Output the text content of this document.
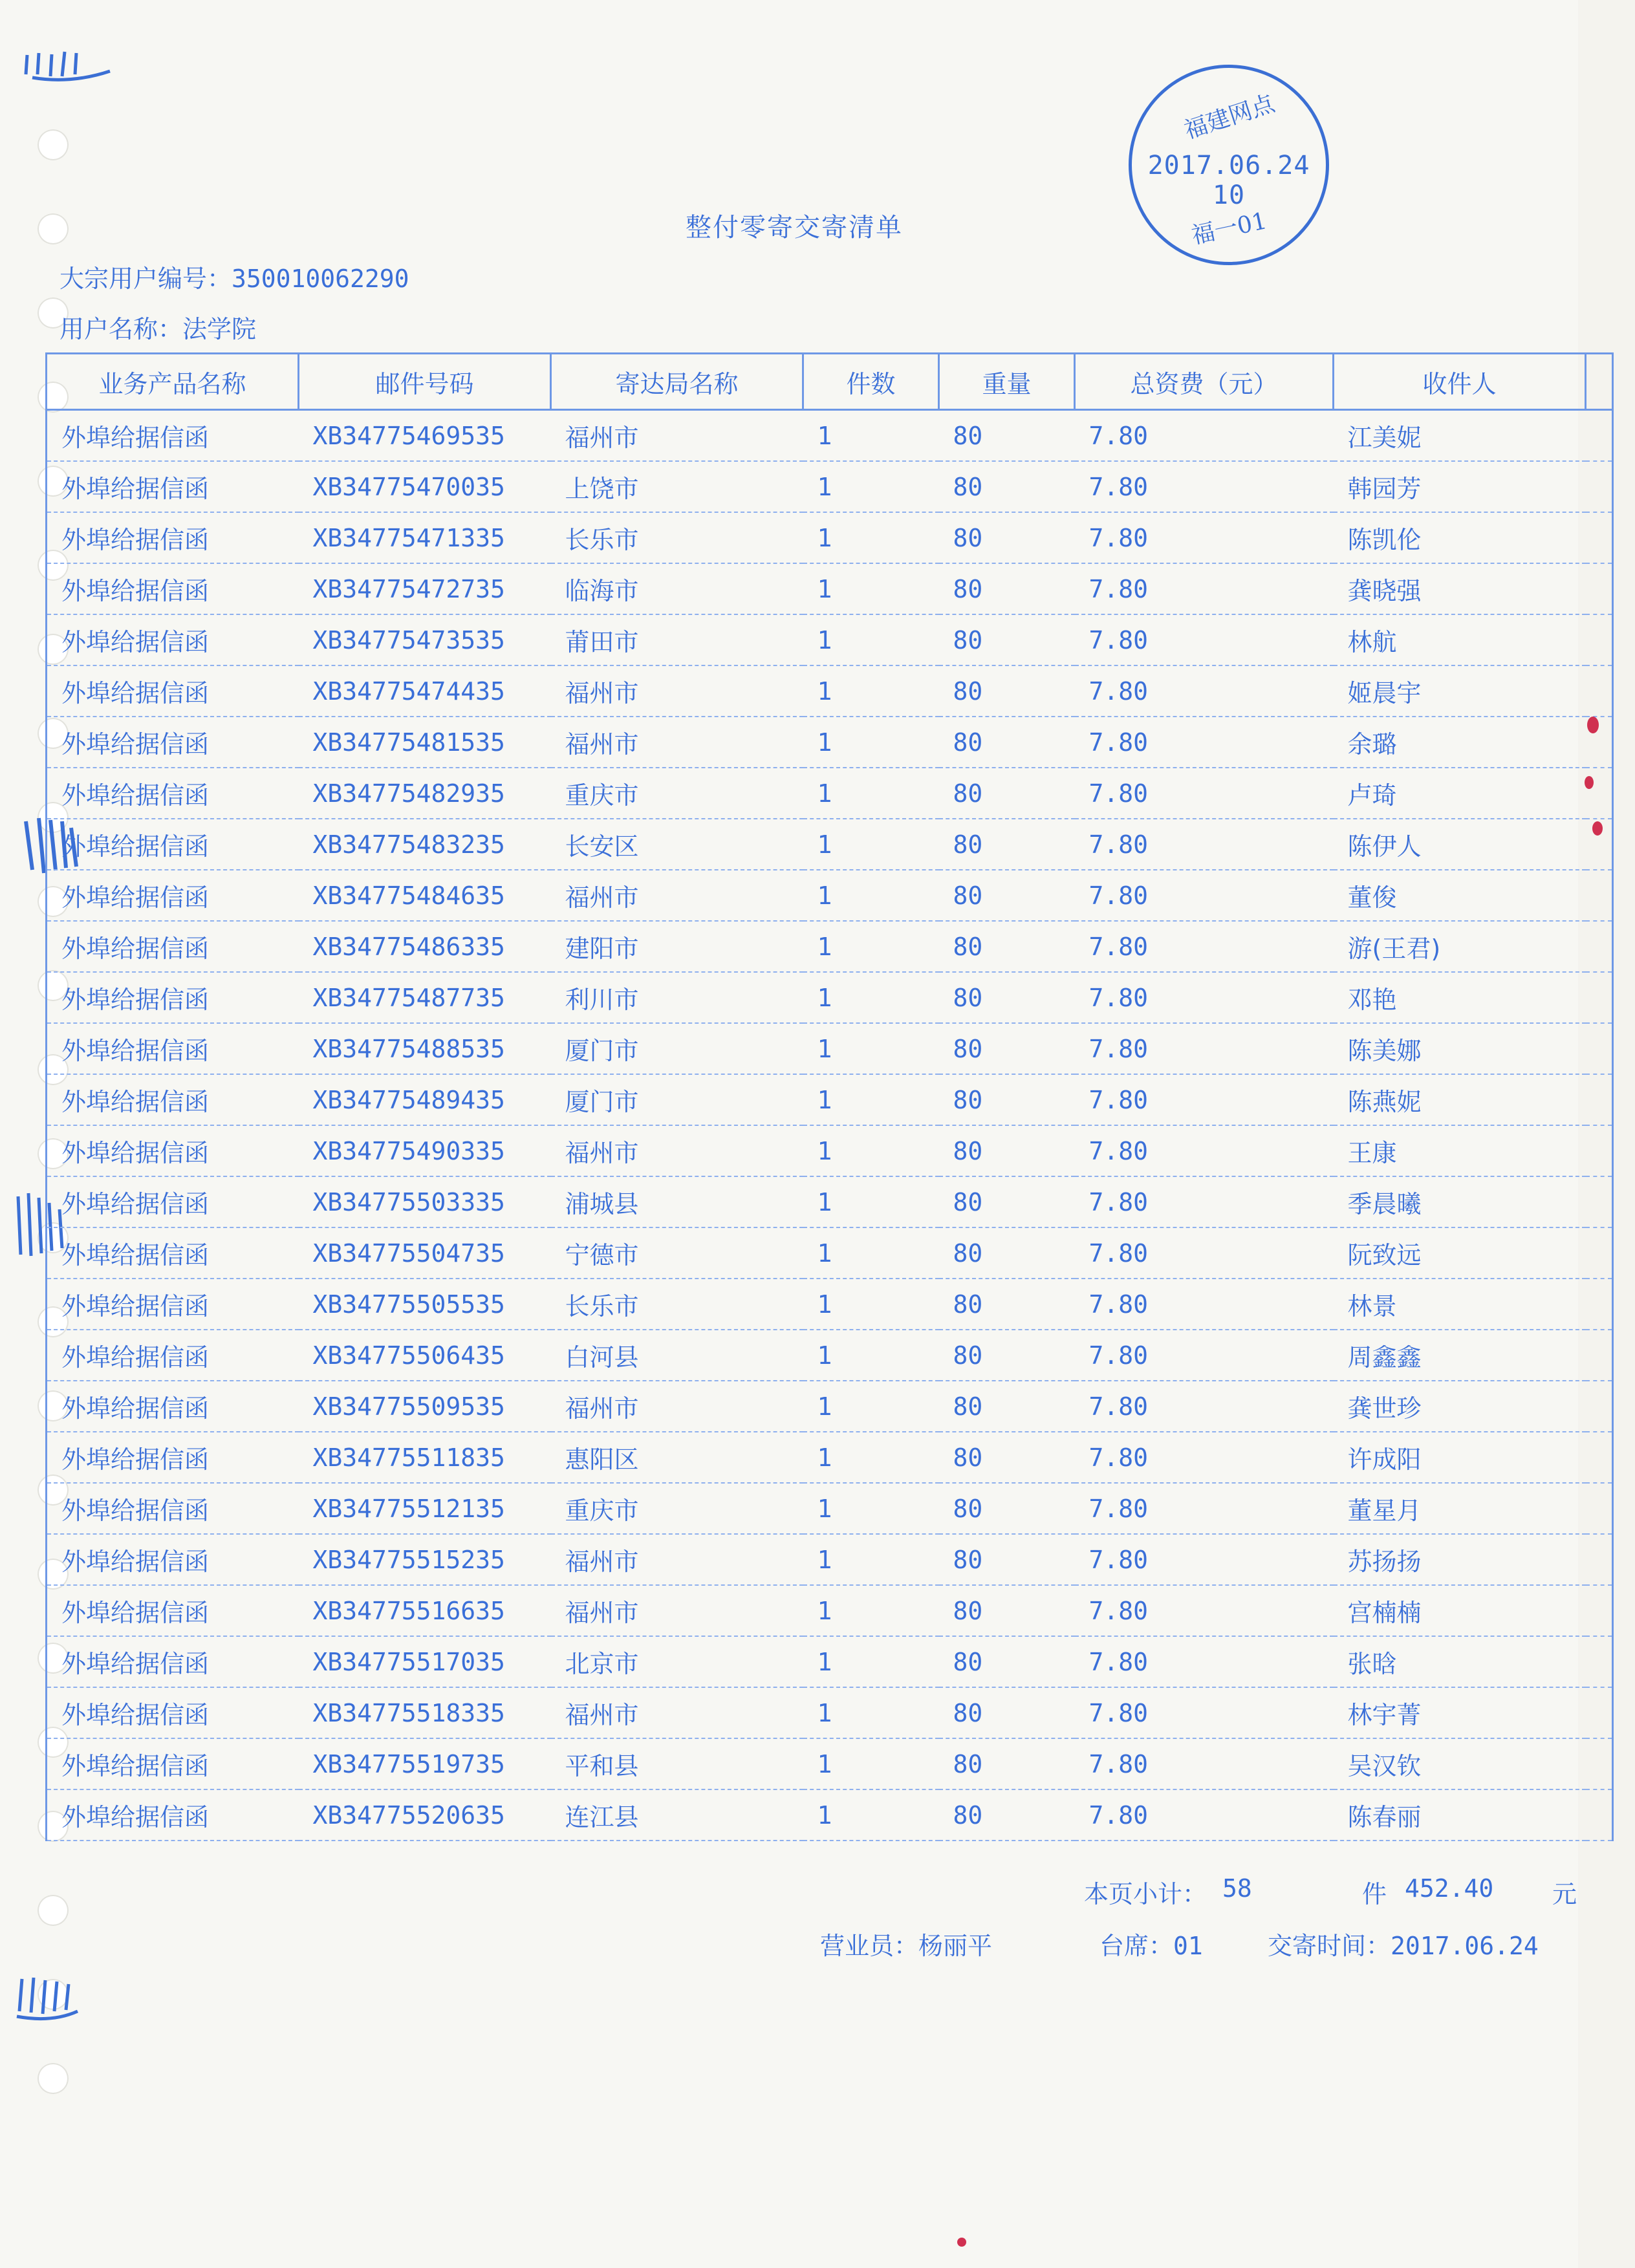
福建网点
2017.06.24 10
福一01
整付零寄交寄清单
大宗用户编号：350010062290
用户名称：法学院
业务产品名称	邮件号码	寄达局名称	件数	重量	总资费（元）	收件人	
外埠给据信函	XB34775469535	福州市	1	80	7.80	江美妮	
外埠给据信函	XB34775470035	上饶市	1	80	7.80	韩园芳	
外埠给据信函	XB34775471335	长乐市	1	80	7.80	陈凯伦	
外埠给据信函	XB34775472735	临海市	1	80	7.80	龚晓强	
外埠给据信函	XB34775473535	莆田市	1	80	7.80	林航	
外埠给据信函	XB34775474435	福州市	1	80	7.80	姬晨宇	
外埠给据信函	XB34775481535	福州市	1	80	7.80	余璐	
外埠给据信函	XB34775482935	重庆市	1	80	7.80	卢琦	
外埠给据信函	XB34775483235	长安区	1	80	7.80	陈伊人	
外埠给据信函	XB34775484635	福州市	1	80	7.80	董俊	
外埠给据信函	XB34775486335	建阳市	1	80	7.80	游(王君)	
外埠给据信函	XB34775487735	利川市	1	80	7.80	邓艳	
外埠给据信函	XB34775488535	厦门市	1	80	7.80	陈美娜	
外埠给据信函	XB34775489435	厦门市	1	80	7.80	陈燕妮	
外埠给据信函	XB34775490335	福州市	1	80	7.80	王康	
外埠给据信函	XB34775503335	浦城县	1	80	7.80	季晨曦	
外埠给据信函	XB34775504735	宁德市	1	80	7.80	阮致远	
外埠给据信函	XB34775505535	长乐市	1	80	7.80	林景	
外埠给据信函	XB34775506435	白河县	1	80	7.80	周鑫鑫	
外埠给据信函	XB34775509535	福州市	1	80	7.80	龚世珍	
外埠给据信函	XB34775511835	惠阳区	1	80	7.80	许成阳	
外埠给据信函	XB34775512135	重庆市	1	80	7.80	董星月	
外埠给据信函	XB34775515235	福州市	1	80	7.80	苏扬扬	
外埠给据信函	XB34775516635	福州市	1	80	7.80	宫楠楠	
外埠给据信函	XB34775517035	北京市	1	80	7.80	张晗	
外埠给据信函	XB34775518335	福州市	1	80	7.80	林宇菁	
外埠给据信函	XB34775519735	平和县	1	80	7.80	吴汉钦	
外埠给据信函	XB34775520635	连江县	1	80	7.80	陈春丽	
本页小计： 58	件 452.40 元
营业员：杨丽平	台席：01	交寄时间：2017.06.24
